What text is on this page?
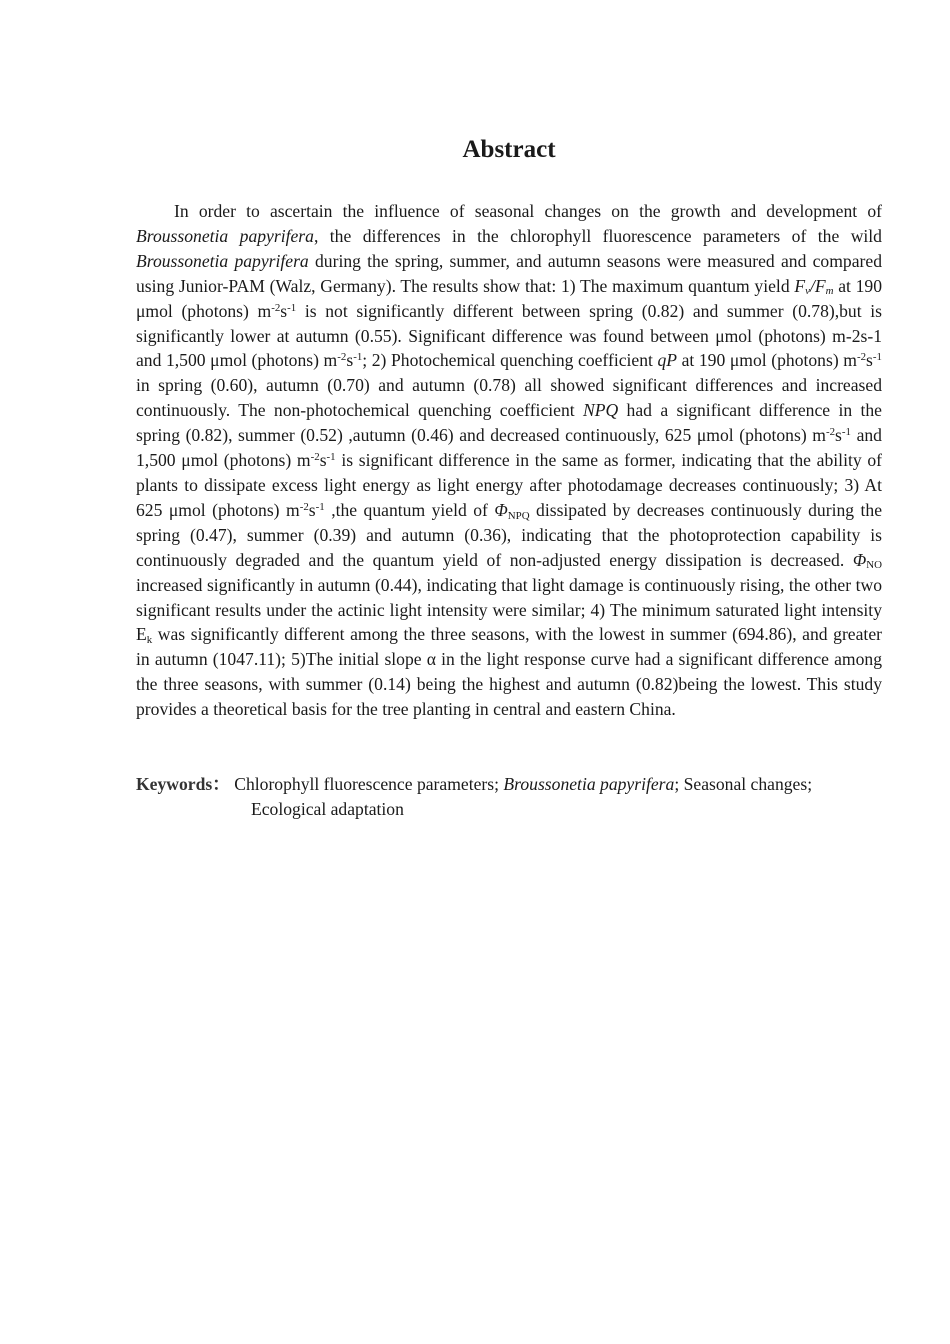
Abstract

In order to ascertain the influence of seasonal changes on the growth and development of Broussonetia papyrifera, the differences in the chlorophyll fluorescence parameters of the wild Broussonetia papyrifera during the spring, summer, and autumn seasons were measured and compared using Junior-PAM (Walz, Germany). The results show that: 1) The maximum quantum yield $F_v/F_m$ at 190 μmol (photons) $m^{-2}s^{-1}$ is not significantly different between spring (0.82) and summer (0.78),but is significantly lower at autumn (0.55). Significant difference was found between μmol (photons) m-2s-1 and 1,500 μmol (photons) $m^{-2}s^{-1}$; 2) Photochemical quenching coefficient qP at 190 μmol (photons) $m^{-2}s^{-1}$ in spring (0.60), autumn (0.70) and autumn (0.78) all showed significant differences and increased continuously. The non-photochemical quenching coefficient NPQ had a significant difference in the spring (0.82), summer (0.52) ,autumn (0.46) and decreased continuously, 625 μmol (photons) $m^{-2}s^{-1}$ and 1,500 μmol (photons) $m^{-2}s^{-1}$ is significant difference in the same as former, indicating that the ability of plants to dissipate excess light energy as light energy after photodamage decreases continuously; 3) At 625 μmol (photons) $m^{-2}s^{-1}$ ,the quantum yield of $\Phi_{NPQ}$ dissipated by decreases continuously during the spring (0.47), summer (0.39) and autumn (0.36), indicating that the photoprotection capability is continuously degraded and the quantum yield of non-adjusted energy dissipation is decreased. $\Phi_{NO}$ increased significantly in autumn (0.44), indicating that light damage is continuously rising, the other two significant results under the actinic light intensity were similar; 4) The minimum saturated light intensity $E_k$ was significantly different among the three seasons, with the lowest in summer (694.86), and greater in autumn (1047.11); 5)The initial slope α in the light response curve had a significant difference among the three seasons, with summer (0.14) being the highest and autumn (0.82)being the lowest. This study provides a theoretical basis for the tree planting in central and eastern China.

Keywords： Chlorophyll fluorescence parameters; Broussonetia papyrifera; Seasonal changes;
Ecological adaptation
